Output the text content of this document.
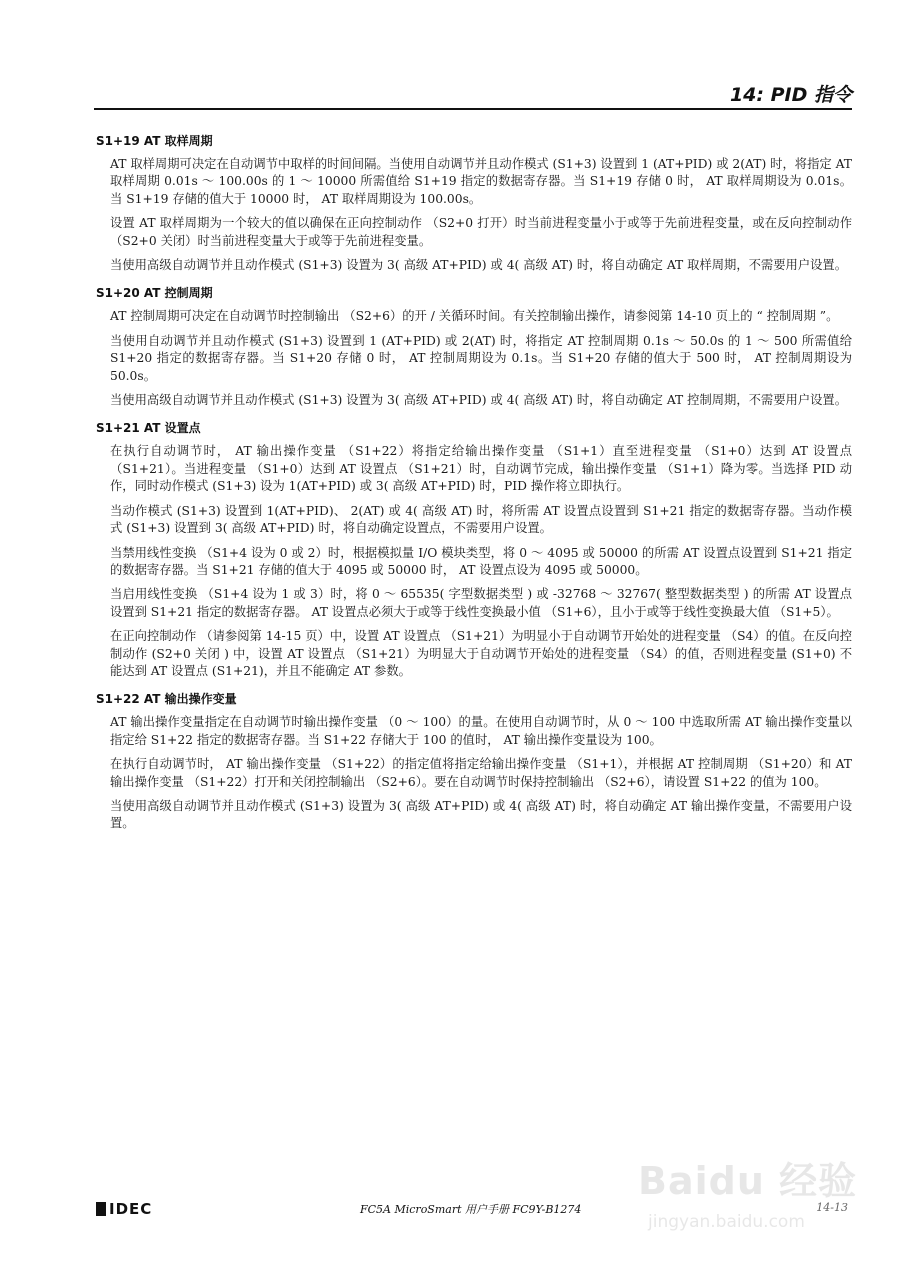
14: PID 指令
S1+19 AT 取样周期

AT 取样周期可决定在自动调节中取样的时间间隔。当使用自动调节并且动作模式 (S1+3) 设置到 1 (AT+PID) 或 2(AT) 时，将指定 AT 取样周期 0.01s ～ 100.00s 的 1 ～ 10000 所需值给 S1+19 指定的数据寄存器。当 S1+19 存储 0 时， AT 取样周期设为 0.01s。当 S1+19 存储的值大于 10000 时， AT 取样周期设为 100.00s。

设置 AT 取样周期为一个较大的值以确保在正向控制动作 （S2+0 打开）时当前进程变量小于或等于先前进程变量，或在反向控制动作 （S2+0 关闭）时当前进程变量大于或等于先前进程变量。

当使用高级自动调节并且动作模式 (S1+3) 设置为 3( 高级 AT+PID) 或 4( 高级 AT) 时，将自动确定 AT 取样周期，不需要用户设置。

S1+20 AT 控制周期

AT 控制周期可决定在自动调节时控制输出 （S2+6）的开 / 关循环时间。有关控制输出操作，请参阅第 14-10 页上的 “ 控制周期 ”。

当使用自动调节并且动作模式 (S1+3) 设置到 1 (AT+PID) 或 2(AT) 时，将指定 AT 控制周期 0.1s ～ 50.0s 的 1 ～ 500 所需值给 S1+20 指定的数据寄存器。当 S1+20 存储 0 时， AT 控制周期设为 0.1s。当 S1+20 存储的值大于 500 时， AT 控制周期设为 50.0s。

当使用高级自动调节并且动作模式 (S1+3) 设置为 3( 高级 AT+PID) 或 4( 高级 AT) 时，将自动确定 AT 控制周期，不需要用户设置。

S1+21 AT 设置点

在执行自动调节时， AT 输出操作变量 （S1+22）将指定给输出操作变量 （S1+1）直至进程变量 （S1+0）达到 AT 设置点 （S1+21）。当进程变量 （S1+0）达到 AT 设置点 （S1+21）时，自动调节完成，输出操作变量 （S1+1）降为零。当选择 PID 动作，同时动作模式 (S1+3) 设为 1(AT+PID) 或 3( 高级 AT+PID) 时，PID 操作将立即执行。

当动作模式 (S1+3) 设置到 1(AT+PID)、 2(AT) 或 4( 高级 AT) 时，将所需 AT 设置点设置到 S1+21 指定的数据寄存器。当动作模式 (S1+3) 设置到 3( 高级 AT+PID) 时，将自动确定设置点，不需要用户设置。

当禁用线性变换 （S1+4 设为 0 或 2）时，根据模拟量 I/O 模块类型，将 0 ～ 4095 或 50000 的所需 AT 设置点设置到 S1+21 指定的数据寄存器。当 S1+21 存储的值大于 4095 或 50000 时， AT 设置点设为 4095 或 50000。

当启用线性变换 （S1+4 设为 1 或 3）时，将 0 ～ 65535( 字型数据类型 ) 或 -32768 ～ 32767( 整型数据类型 ) 的所需 AT 设置点设置到 S1+21 指定的数据寄存器。 AT 设置点必须大于或等于线性变换最小值 （S1+6），且小于或等于线性变换最大值 （S1+5）。

在正向控制动作 （请参阅第 14-15 页）中，设置 AT 设置点 （S1+21）为明显小于自动调节开始处的进程变量 （S4）的值。在反向控制动作 (S2+0 关闭 ) 中，设置 AT 设置点 （S1+21）为明显大于自动调节开始处的进程变量 （S4）的值，否则进程变量 (S1+0) 不能达到 AT 设置点 (S1+21)，并且不能确定 AT 参数。

S1+22 AT 输出操作变量

AT 输出操作变量指定在自动调节时输出操作变量 （0 ～ 100）的量。在使用自动调节时，从 0 ～ 100 中选取所需 AT 输出操作变量以指定给 S1+22 指定的数据寄存器。当 S1+22 存储大于 100 的值时， AT 输出操作变量设为 100。

在执行自动调节时， AT 输出操作变量 （S1+22）的指定值将指定给输出操作变量 （S1+1），并根据 AT 控制周期 （S1+20）和 AT 输出操作变量 （S1+22）打开和关闭控制输出 （S2+6）。要在自动调节时保持控制输出 （S2+6），请设置 S1+22 的值为 100。

当使用高级自动调节并且动作模式 (S1+3) 设置为 3( 高级 AT+PID) 或 4( 高级 AT) 时，将自动确定 AT 输出操作变量，不需要用户设置。

IDEC	FC5A MicroSmart 用户手册 FC9Y-B1274	14-13
Baidu 经验
jingyan.baidu.com
